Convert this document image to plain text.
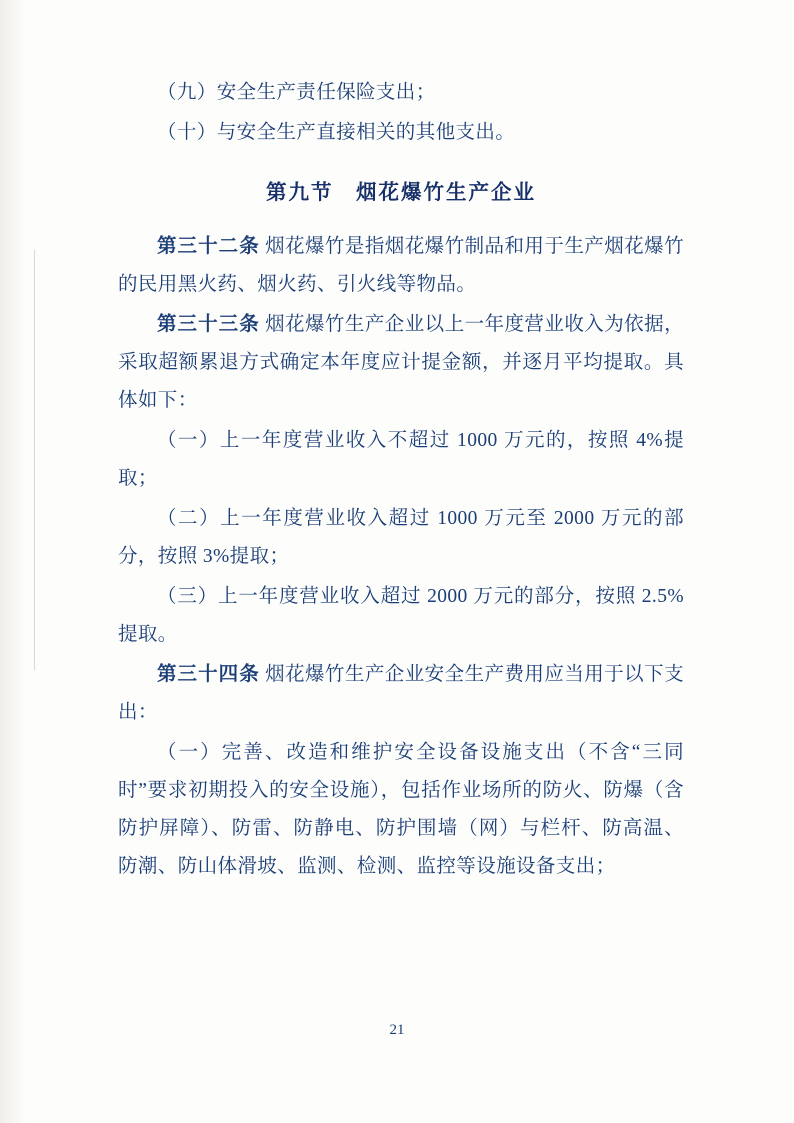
（九）安全生产责任保险支出；

（十）与安全生产直接相关的其他支出。

第九节　烟花爆竹生产企业

第三十二条 烟花爆竹是指烟花爆竹制品和用于生产烟花爆竹的民用黑火药、烟火药、引火线等物品。

第三十三条 烟花爆竹生产企业以上一年度营业收入为依据，采取超额累退方式确定本年度应计提金额，并逐月平均提取。具体如下：

（一）上一年度营业收入不超过 1000 万元的，按照 4%提取；

（二）上一年度营业收入超过 1000 万元至 2000 万元的部分，按照 3%提取；

（三）上一年度营业收入超过 2000 万元的部分，按照 2.5%提取。

第三十四条 烟花爆竹生产企业安全生产费用应当用于以下支出：

（一）完善、改造和维护安全设备设施支出（不含“三同时”要求初期投入的安全设施），包括作业场所的防火、防爆（含防护屏障）、防雷、防静电、防护围墙（网）与栏杆、防高温、防潮、防山体滑坡、监测、检测、监控等设施设备支出；

21
